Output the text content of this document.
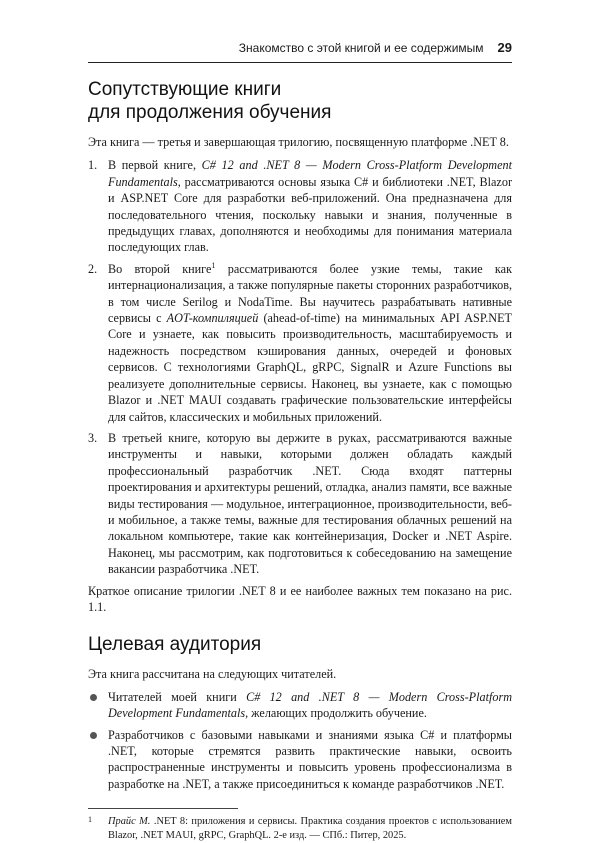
Знакомство с этой книгой и ее содержимым 29
Сопутствующие книги
для продолжения обучения

Эта книга — третья и завершающая трилогию, посвященную платформе .NET 8.

1. В первой книге, C# 12 and .NET 8 — Modern Cross-Platform Development Fundamentals, рассматриваются основы языка C# и библиотеки .NET, Blazor и ASP.NET Core для разработки веб-приложений. Она предназначена для последовательного чтения, поскольку навыки и знания, полученные в предыдущих главах, дополняются и необходимы для понимания материала последующих глав.
2. Во второй книге$^1$ рассматриваются более узкие темы, такие как интернационализация, а также популярные пакеты сторонних разработчиков, в том числе Serilog и NodaTime. Вы научитесь разрабатывать нативные сервисы с AOT-компиляцией (ahead-of-time) на минимальных API ASP.NET Core и узнаете, как повысить производительность, масштабируемость и надежность посредством кэширования данных, очередей и фоновых сервисов. С технологиями GraphQL, gRPC, SignalR и Azure Functions вы реализуете дополнительные сервисы. Наконец, вы узнаете, как с помощью Blazor и .NET MAUI создавать графические пользовательские интерфейсы для сайтов, классических и мобильных приложений.
3. В третьей книге, которую вы держите в руках, рассматриваются важные инструменты и навыки, которыми должен обладать каждый профессиональный разработчик .NET. Сюда входят паттерны проектирования и архитектуры решений, отладка, анализ памяти, все важные виды тестирования — модульное, интеграционное, производительности, веб- и мобильное, а также темы, важные для тестирования облачных решений на локальном компьютере, такие как контейнеризация, Docker и .NET Aspire. Наконец, мы рассмотрим, как подготовиться к собеседованию на замещение вакансии разработчика .NET.

Краткое описание трилогии .NET 8 и ее наиболее важных тем показано на рис. 1.1.

Целевая аудитория

Эта книга рассчитана на следующих читателей.

Читателей моей книги C# 12 and .NET 8 — Modern Cross-Platform Development Fundamentals, желающих продолжить обучение.
Разработчиков с базовыми навыками и знаниями языка C# и платформы .NET, которые стремятся развить практические навыки, освоить распространенные инструменты и повысить уровень профессионализма в разработке на .NET, а также присоединиться к команде разработчиков .NET.
1 Прайс М. .NET 8: приложения и сервисы. Практика создания проектов с использованием Blazor, .NET MAUI, gRPC, GraphQL. 2-е изд. — СПб.: Питер, 2025.
